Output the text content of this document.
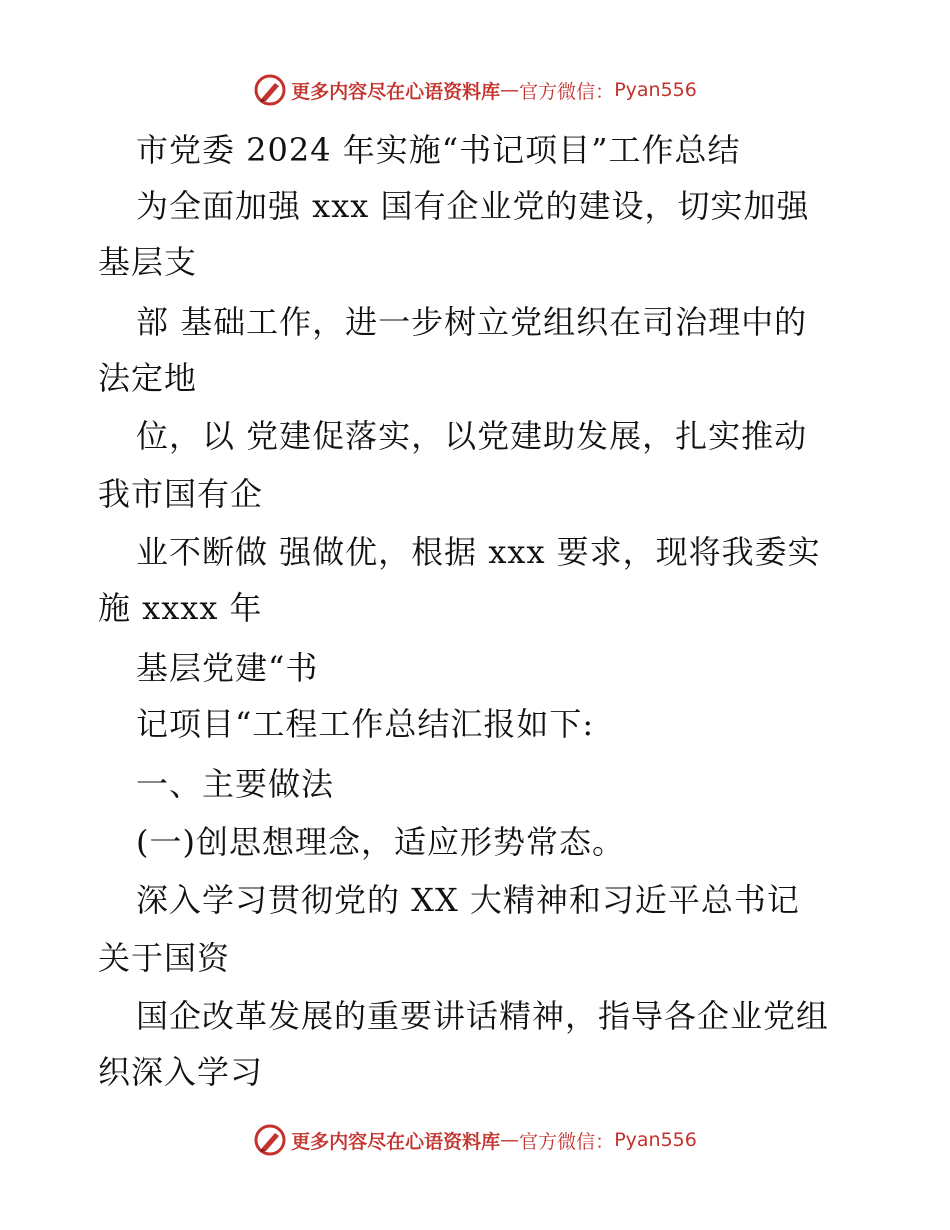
更多内容尽在心语资料库 — 官方微信： Pyan556
市党委 2024 年实施“书记项目”工作总结
为全面加强 xxx 国有企业党的建设，切实加强
基层支
部 基础工作，进一步树立党组织在司治理中的
法定地
位，以 党建促落实，以党建助发展，扎实推动
我市国有企
业不断做 强做优，根据 xxx 要求，现将我委实
施 xxxx 年
基层党建“书
记项目“工程工作总结汇报如下:
一、主要做法
(一)创思想理念，适应形势常态。
深入学习贯彻党的 XX 大精神和习近平总书记
关于国资
国企改革发展的重要讲话精神，指导各企业党组
织深入学习
更多内容尽在心语资料库 — 官方微信： Pyan556
